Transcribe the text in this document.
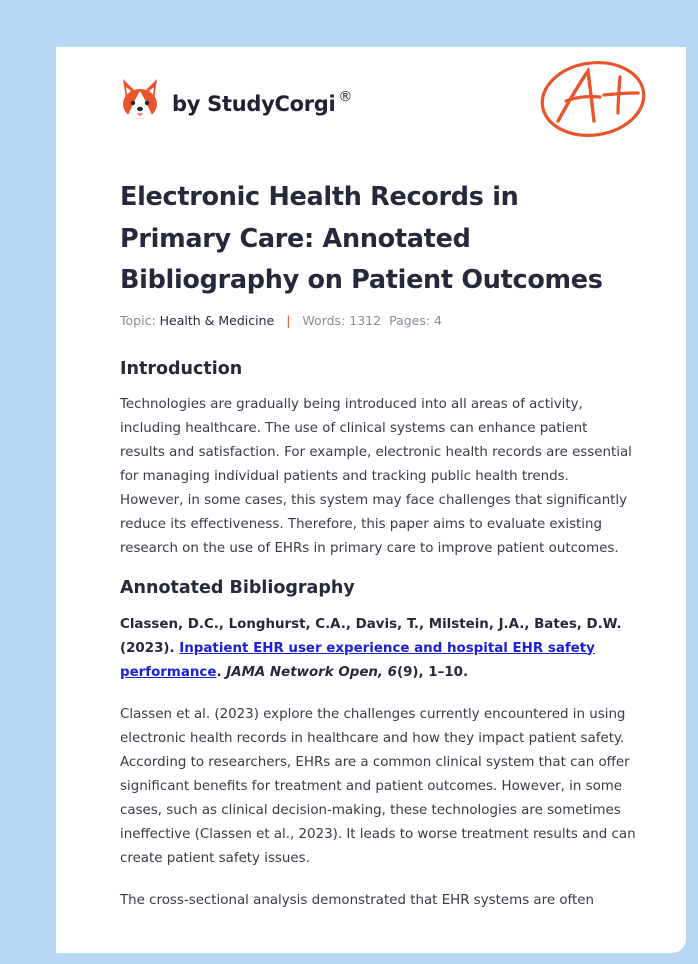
by StudyCorgi ®
Electronic Health Records in Primary Care: Annotated Bibliography on Patient Outcomes
Topic: Health & Medicine | Words: 1312 Pages: 4
Introduction

Technologies are gradually being introduced into all areas of activity, including healthcare. The use of clinical systems can enhance patient results and satisfaction. For example, electronic health records are essential for managing individual patients and tracking public health trends. However, in some cases, this system may face challenges that significantly reduce its effectiveness. Therefore, this paper aims to evaluate existing research on the use of EHRs in primary care to improve patient outcomes.

Annotated Bibliography

Classen, D.C., Longhurst, C.A., Davis, T., Milstein, J.A., Bates, D.W. (2023). Inpatient EHR user experience and hospital EHR safety performance. JAMA Network Open, 6(9), 1–10.

Classen et al. (2023) explore the challenges currently encountered in using electronic health records in healthcare and how they impact patient safety. According to researchers, EHRs are a common clinical system that can offer significant benefits for treatment and patient outcomes. However, in some cases, such as clinical decision-making, these technologies are sometimes ineffective (Classen et al., 2023). It leads to worse treatment results and can create patient safety issues.

The cross-sectional analysis demonstrated that EHR systems are often
